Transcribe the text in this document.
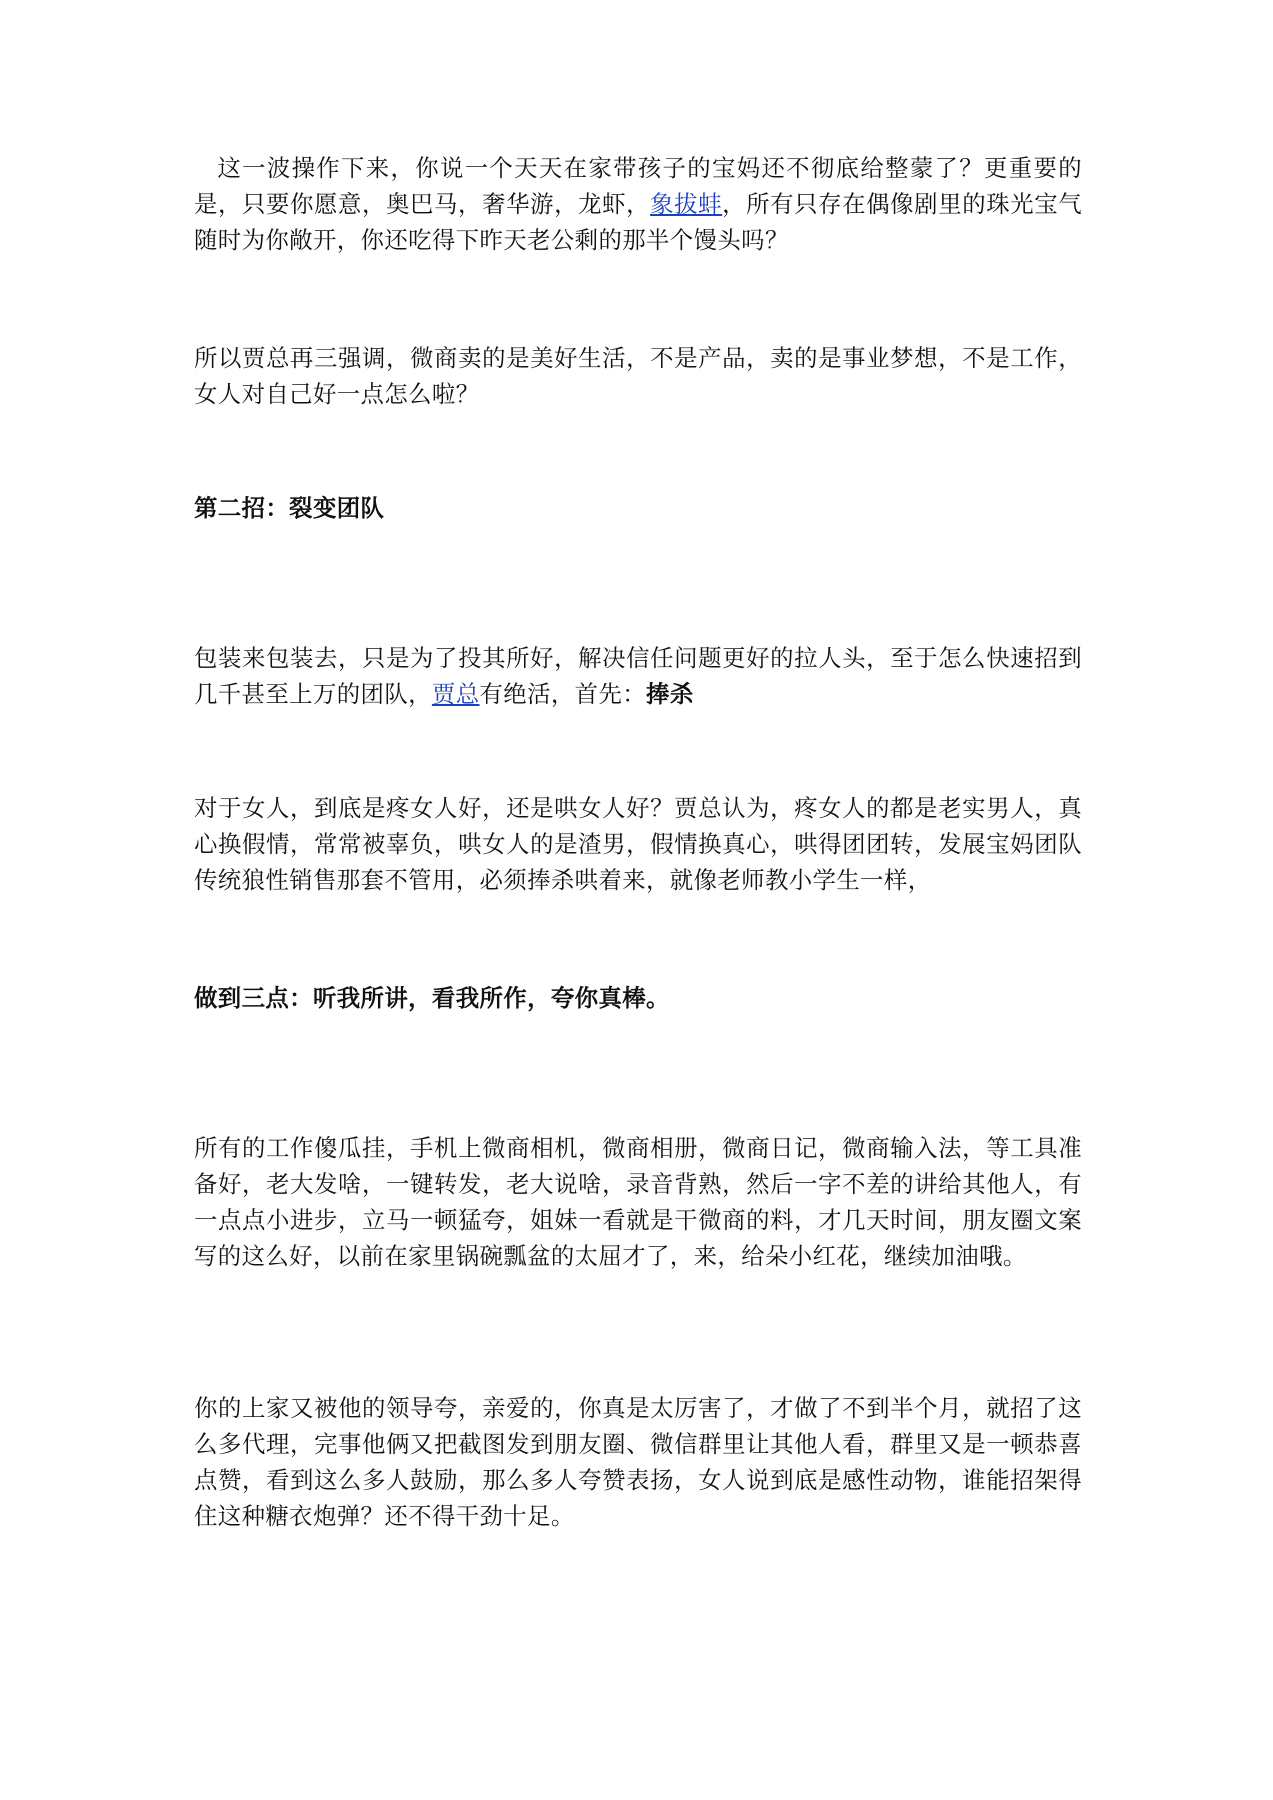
这一波操作下来，你说一个天天在家带孩子的宝妈还不彻底给整蒙了？更重要的是，只要你愿意，奥巴马，奢华游，龙虾，象拔蚌，所有只存在偶像剧里的珠光宝气随时为你敞开，你还吃得下昨天老公剩的那半个馒头吗？

所以贾总再三强调，微商卖的是美好生活，不是产品，卖的是事业梦想，不是工作，女人对自己好一点怎么啦？

第二招：裂变团队

包装来包装去，只是为了投其所好，解决信任问题更好的拉人头，至于怎么快速招到几千甚至上万的团队，贾总有绝活，首先：捧杀

对于女人，到底是疼女人好，还是哄女人好？贾总认为，疼女人的都是老实男人，真心换假情，常常被辜负，哄女人的是渣男，假情换真心，哄得团团转，发展宝妈团队传统狼性销售那套不管用，必须捧杀哄着来，就像老师教小学生一样，

做到三点：听我所讲，看我所作，夸你真棒。

所有的工作傻瓜挂，手机上微商相机，微商相册，微商日记，微商输入法，等工具准备好，老大发啥，一键转发，老大说啥，录音背熟，然后一字不差的讲给其他人，有一点点小进步，立马一顿猛夸，姐妹一看就是干微商的料，才几天时间，朋友圈文案写的这么好，以前在家里锅碗瓢盆的太屈才了，来，给朵小红花，继续加油哦。

你的上家又被他的领导夸，亲爱的，你真是太厉害了，才做了不到半个月，就招了这么多代理，完事他俩又把截图发到朋友圈、微信群里让其他人看，群里又是一顿恭喜点赞，看到这么多人鼓励，那么多人夸赞表扬，女人说到底是感性动物，谁能招架得住这种糖衣炮弹？还不得干劲十足。
